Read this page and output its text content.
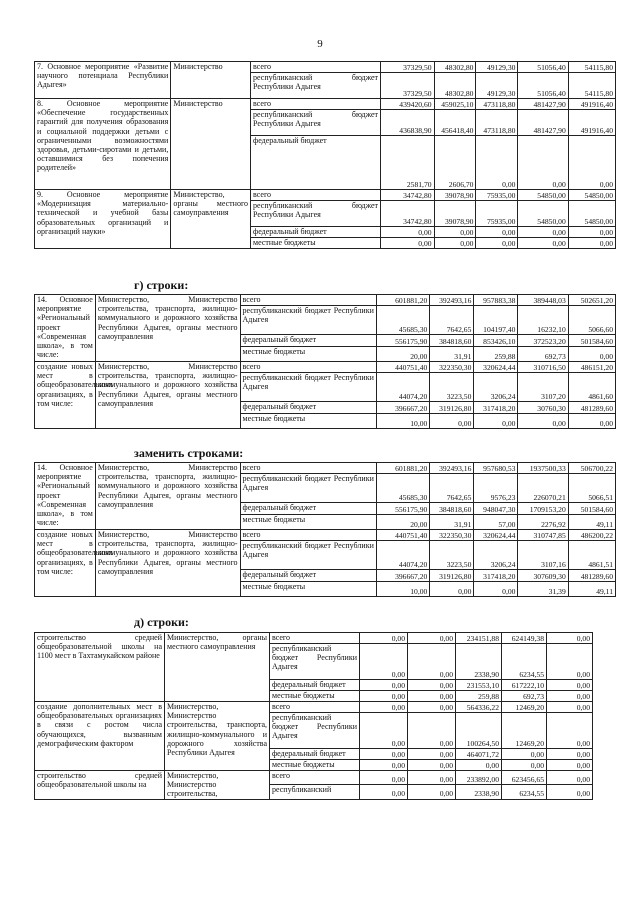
9
7. Основное мероприятие «Развитие научного потенциала Республики Адыгея»	Министерство	всего	37329,50	48302,80	49129,30	51056,40	54115,80
		республиканский бюджет Республики Адыгея	37329,50	48302,80	49129,30	51056,40	54115,80
8. Основное мероприятие «Обеспечение государственных гарантий для получения образования и социальной поддержки детьми с ограниченными возможностями здоровья, детьми-сиротами и детьми, оставшимися без попечения родителей»	Министерство	всего	439420,60	459025,10	473118,80	481427,90	491916,40
		республиканский бюджет Республики Адыгея	436838,90	456418,40	473118,80	481427,90	491916,40
		федеральный бюджет	2581,70	2606,70	0,00	0,00	0,00
9. Основное мероприятие «Модернизация материально-технической и учебной базы образовательных организаций и организаций науки»	Министерство, органы местного самоуправления	всего	34742,80	39078,90	75935,00	54850,00	54850,00
		республиканский бюджет Республики Адыгея	34742,80	39078,90	75935,00	54850,00	54850,00
		федеральный бюджет	0,00	0,00	0,00	0,00	0,00
		местные бюджеты	0,00	0,00	0,00	0,00	0,00
г) строки:
14. Основное мероприятие «Региональный проект «Современная школа», в том числе:	Министерство, Министерство строительства, транспорта, жилищно-коммунального и дорожного хозяйства Республики Адыгея, органы местного самоуправления	всего	601881,20	392493,16	957883,38	389448,03	502651,20
		республиканский бюджет Республики Адыгея	45685,30	7642,65	104197,40	16232,10	5066,60
		федеральный бюджет	556175,90	384818,60	853426,10	372523,20	501584,60
		местные бюджеты	20,00	31,91	259,88	692,73	0,00
создание новых мест в общеобразовательных организациях, в том числе:	Министерство, Министерство строительства, транспорта, жилищно-коммунального и дорожного хозяйства Республики Адыгея, органы местного самоуправления	всего	440751,40	322350,30	320624,44	310716,50	486151,20
		республиканский бюджет Республики Адыгея	44074,20	3223,50	3206,24	3107,20	4861,60
		федеральный бюджет	396667,20	319126,80	317418,20	30760,30	481289,60
		местные бюджеты	10,00	0,00	0,00	0,00	0,00
заменить строками:
14. Основное мероприятие «Региональный проект «Современная школа», в том числе:	Министерство, Министерство строительства, транспорта, жилищно-коммунального и дорожного хозяйства Республики Адыгея, органы местного самоуправления	всего	601881,20	392493,16	957680,53	1937500,33	506700,22
		республиканский бюджет Республики Адыгея	45685,30	7642,65	9576,23	226070,21	5066,51
		федеральный бюджет	556175,90	384818,60	948047,30	1709153,20	501584,60
		местные бюджеты	20,00	31,91	57,00	2276,92	49,11
создание новых мест в общеобразовательных организациях, в том числе:	Министерство, Министерство строительства, транспорта, жилищно-коммунального и дорожного хозяйства Республики Адыгея, органы местного самоуправления	всего	440751,40	322350,30	320624,44	310747,85	486200,22
		республиканский бюджет Республики Адыгея	44074,20	3223,50	3206,24	3107,16	4861,51
		федеральный бюджет	396667,20	319126,80	317418,20	307609,30	481289,60
		местные бюджеты	10,00	0,00	0,00	31,39	49,11
д) строки:
строительство средней общеобразовательной школы на 1100 мест в Тахтамукайском районе	Министерство, органы местного самоуправления	всего	0,00	0,00	234151,88	624149,38	0,00
		республиканский бюджет Республики Адыгея	0,00	0,00	2338,90	6234,55	0,00
		федеральный бюджет	0,00	0,00	231553,10	617222,10	0,00
		местные бюджеты	0,00	0,00	259,88	692,73	0,00
создание дополнительных мест в общеобразовательных организациях в связи с ростом числа обучающихся, вызванным демографическим фактором	Министерство, Министерство строительства, транспорта, жилищно-коммунального и дорожного хозяйства Республики Адыгея	всего	0,00	0,00	564336,22	12469,20	0,00
		республиканский бюджет Республики Адыгея	0,00	0,00	100264,50	12469,20	0,00
		федеральный бюджет	0,00	0,00	464071,72	0,00	0,00
		местные бюджеты	0,00	0,00	0,00	0,00	0,00
строительство средней общеобразовательной школы на	Министерство, Министерство строительства,	всего	0,00	0,00	233892,00	623456,65	0,00
		республиканский	0,00	0,00	2338,90	6234,55	0,00
